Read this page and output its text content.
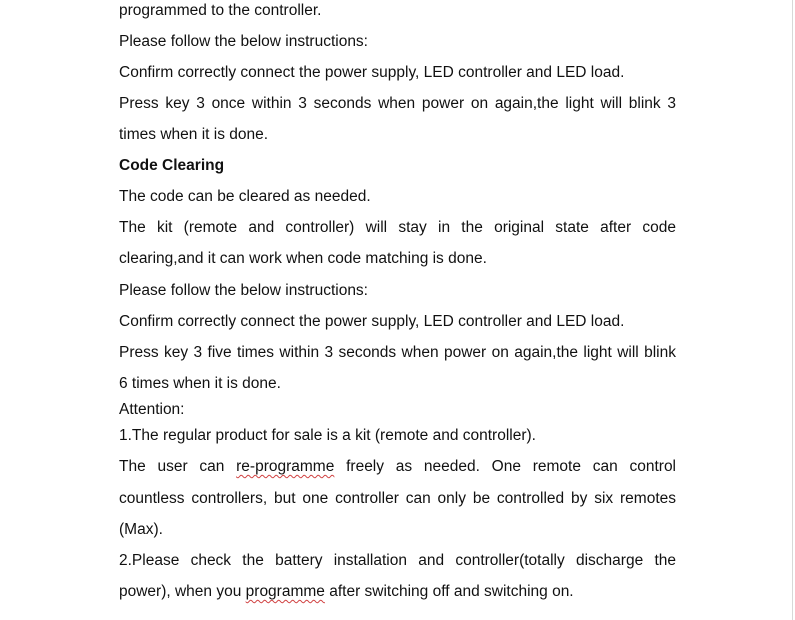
programmed to the controller.
Please follow the below instructions:
Confirm correctly connect the power supply, LED controller and LED load.
Press key 3 once within 3 seconds when power on again,the light will blink 3
times when it is done.
Code Clearing
The code can be cleared as needed.
The kit (remote and controller) will stay in the original state after code
clearing,and it can work when code matching is done.
Please follow the below instructions:
Confirm correctly connect the power supply, LED controller and LED load.
Press key 3 five times within 3 seconds when power on again,the light will blink
6 times when it is done.
Attention:
1.The regular product for sale is a kit (remote and controller).
The user can re-programme freely as needed. One remote can control
countless controllers, but one controller can only be controlled by six remotes
(Max).
2.Please check the battery installation and controller(totally discharge the
power), when you programme after switching off and switching on.
